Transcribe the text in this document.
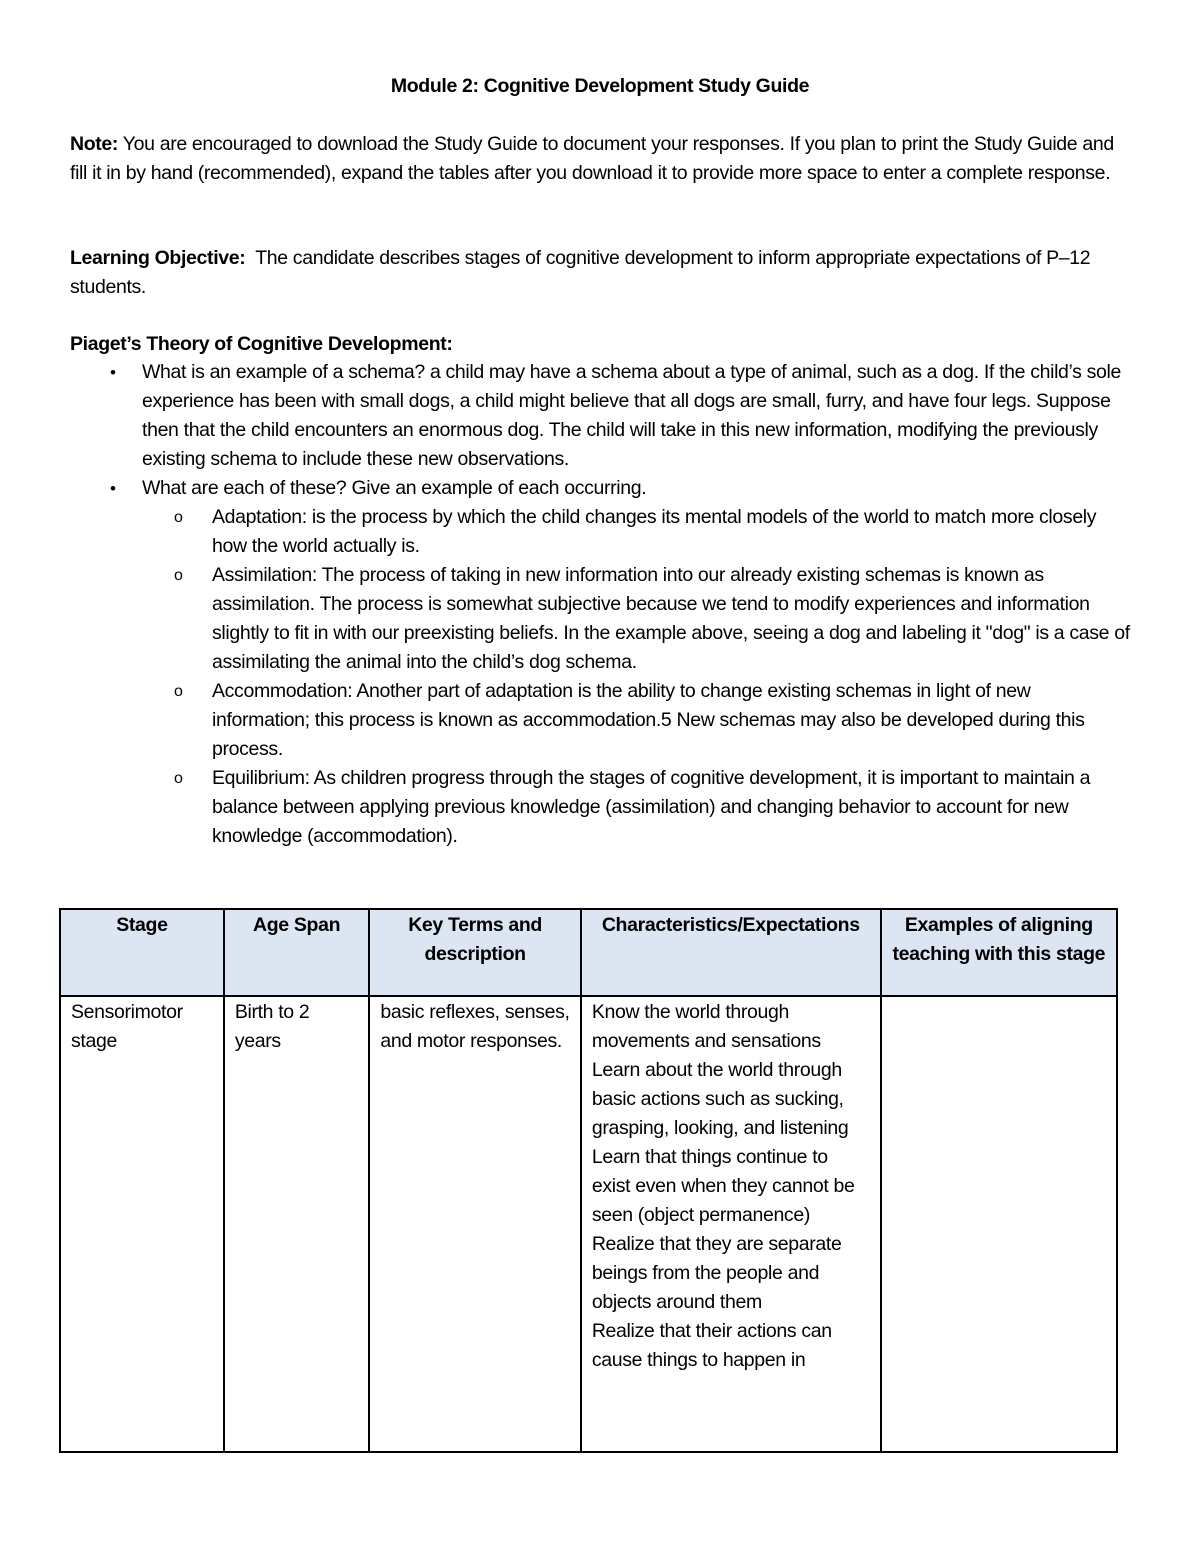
Module 2: Cognitive Development Study Guide
Note: You are encouraged to download the Study Guide to document your responses. If you plan to print the Study Guide and fill it in by hand (recommended), expand the tables after you download it to provide more space to enter a complete response.
Learning Objective:  The candidate describes stages of cognitive development to inform appropriate expectations of P–12 students.
Piaget’s Theory of Cognitive Development:
• What is an example of a schema? a child may have a schema about a type of animal, such as a dog. If the child’s sole experience has been with small dogs, a child might believe that all dogs are small, furry, and have four legs. Suppose then that the child encounters an enormous dog. The child will take in this new information, modifying the previously existing schema to include these new observations.
• What are each of these? Give an example of each occurring.
o Adaptation: is the process by which the child changes its mental models of the world to match more closely how the world actually is.
o Assimilation: The process of taking in new information into our already existing schemas is known as assimilation. The process is somewhat subjective because we tend to modify experiences and information slightly to fit in with our preexisting beliefs. In the example above, seeing a dog and labeling it "dog" is a case of assimilating the animal into the child’s dog schema.
o Accommodation: Another part of adaptation is the ability to change existing schemas in light of new information; this process is known as accommodation.5 New schemas may also be developed during this process.
o Equilibrium: As children progress through the stages of cognitive development, it is important to maintain a balance between applying previous knowledge (assimilation) and changing behavior to account for new knowledge (accommodation).
Stage	Age Span	Key Terms and description	Characteristics/Expectations	Examples of aligning teaching with this stage
Sensorimotor stage	Birth to 2 years	basic reflexes, senses, and motor responses.	Know the world through movements and sensations
Learn about the world through basic actions such as sucking, grasping, looking, and listening
Learn that things continue to exist even when they cannot be seen (object permanence)
Realize that they are separate beings from the people and objects around them
Realize that their actions can cause things to happen in	
